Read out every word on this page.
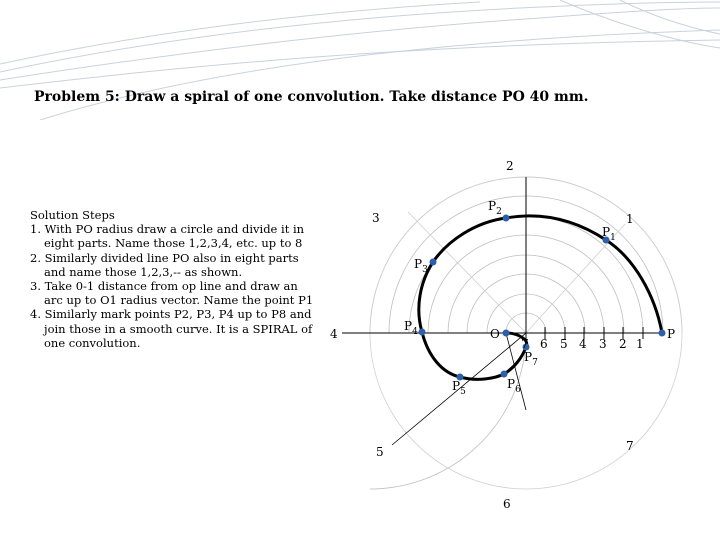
Problem 5: Draw a spiral of one convolution. Take distance PO 40 mm.
Solution Steps
1. With PO radius draw a circle and divide it in eight parts. Name those 1,2,3,4, etc. up to 8
2. Similarly divided line PO also in eight parts and name those 1,2,3,-- as shown.
3. Take 0-1 distance from op line and draw an arc up to O1 radius vector. Name the point P1
4. Similarly mark points P2, P3, P4 up to P8 and join those in a smooth curve. It is a SPIRAL of one convolution.
2
1
3
4
5
6
7
7 6 5 4 3 2 1
O	P
$P_1$
$P_2$
$P_3$
$P_4$
$P_5$
$P_6$
$P_7$
